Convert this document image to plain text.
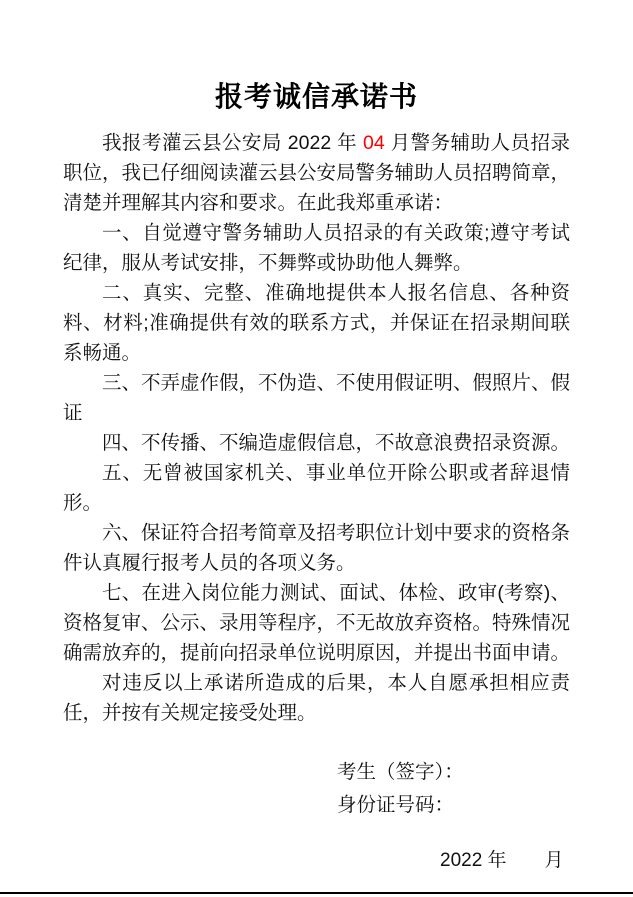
报考诚信承诺书

我报考灌云县公安局 2022 年 04 月警务辅助人员招录职位，我已仔细阅读灌云县公安局警务辅助人员招聘简章，清楚并理解其内容和要求。在此我郑重承诺：

一、自觉遵守警务辅助人员招录的有关政策;遵守考试纪律，服从考试安排，不舞弊或协助他人舞弊。

二、真实、完整、准确地提供本人报名信息、各种资料、材料;准确提供有效的联系方式，并保证在招录期间联系畅通。

三、不弄虚作假，不伪造、不使用假证明、假照片、假证

四、不传播、不编造虚假信息，不故意浪费招录资源。

五、无曾被国家机关、事业单位开除公职或者辞退情形。

六、保证符合招考简章及招考职位计划中要求的资格条件认真履行报考人员的各项义务。

七、在进入岗位能力测试、面试、体检、政审(考察)、资格复审、公示、录用等程序，不无故放弃资格。特殊情况确需放弃的，提前向招录单位说明原因，并提出书面申请。

对违反以上承诺所造成的后果，本人自愿承担相应责任，并按有关规定接受处理。

考生（签字）：
身份证号码：
2022 年　　月
